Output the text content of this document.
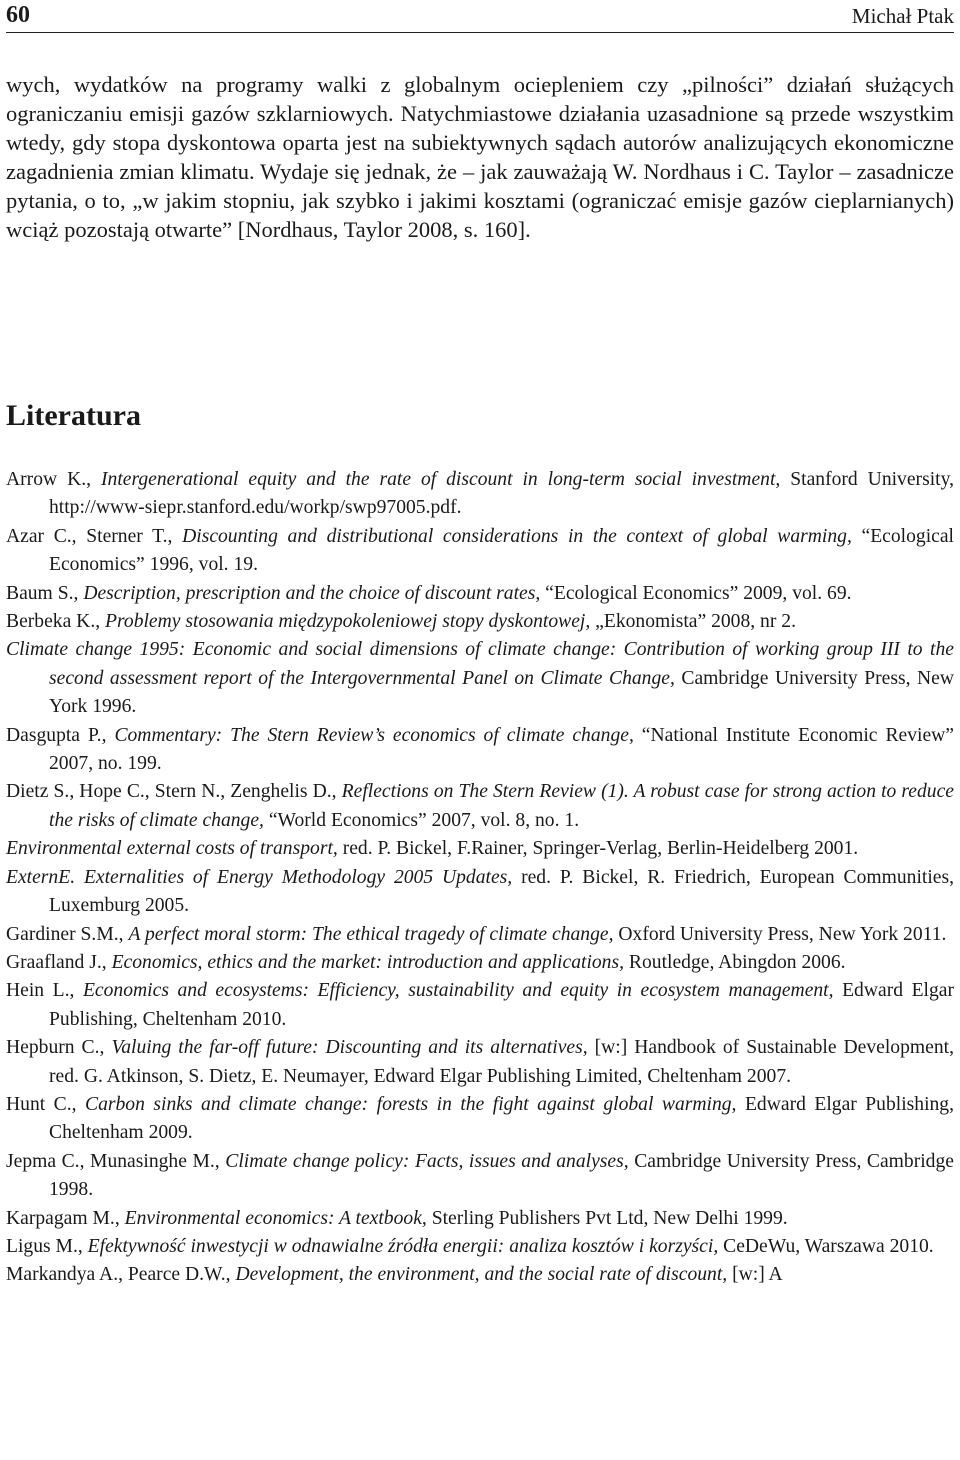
60	Michał Ptak

wych, wydatków na programy walki z globalnym ociepleniem czy „pilności” działań służących ograniczaniu emisji gazów szklarniowych. Natychmiastowe działania uzasadnione są przede wszystkim wtedy, gdy stopa dyskontowa oparta jest na subiektywnych sądach autorów analizujących ekonomiczne zagadnienia zmian klimatu. Wydaje się jednak, że – jak zauważają W. Nordhaus i C. Taylor – zasadnicze pytania, o to, „w jakim stopniu, jak szybko i jakimi kosztami (ograniczać emisje gazów cieplarnianych) wciąż pozostają otwarte” [Nordhaus, Taylor 2008, s. 160].

Literatura
Arrow K., Intergenerational equity and the rate of discount in long-term social investment, Stanford University, http://www-siepr.stanford.edu/workp/swp97005.pdf.
Azar C., Sterner T., Discounting and distributional considerations in the context of global warming, “Ecological Economics” 1996, vol. 19.
Baum S., Description, prescription and the choice of discount rates, “Ecological Economics” 2009, vol. 69.
Berbeka K., Problemy stosowania międzypokoleniowej stopy dyskontowej, „Ekonomista” 2008, nr 2.
Climate change 1995: Economic and social dimensions of climate change: Contribution of working group III to the second assessment report of the Intergovernmental Panel on Climate Change, Cambridge University Press, New York 1996.
Dasgupta P., Commentary: The Stern Review’s economics of climate change, “National Institute Economic Review” 2007, no. 199.
Dietz S., Hope C., Stern N., Zenghelis D., Reflections on The Stern Review (1). A robust case for strong action to reduce the risks of climate change, “World Economics” 2007, vol. 8, no. 1.
Environmental external costs of transport, red. P. Bickel, F.Rainer, Springer-Verlag, Berlin-Heidelberg 2001.
ExternE. Externalities of Energy Methodology 2005 Updates, red. P. Bickel, R. Friedrich, European Communities, Luxemburg 2005.
Gardiner S.M., A perfect moral storm: The ethical tragedy of climate change, Oxford University Press, New York 2011.
Graafland J., Economics, ethics and the market: introduction and applications, Routledge, Abingdon 2006.
Hein L., Economics and ecosystems: Efficiency, sustainability and equity in ecosystem management, Edward Elgar Publishing, Cheltenham 2010.
Hepburn C., Valuing the far-off future: Discounting and its alternatives, [w:] Handbook of Sustainable Development, red. G. Atkinson, S. Dietz, E. Neumayer, Edward Elgar Publishing Limited, Cheltenham 2007.
Hunt C., Carbon sinks and climate change: forests in the fight against global warming, Edward Elgar Publishing, Cheltenham 2009.
Jepma C., Munasinghe M., Climate change policy: Facts, issues and analyses, Cambridge University Press, Cambridge 1998.
Karpagam M., Environmental economics: A textbook, Sterling Publishers Pvt Ltd, New Delhi 1999.
Ligus M., Efektywność inwestycji w odnawialne źródła energii: analiza kosztów i korzyści, CeDeWu, Warszawa 2010.
Markandya A., Pearce D.W., Development, the environment, and the social rate of discount, [w:] A
